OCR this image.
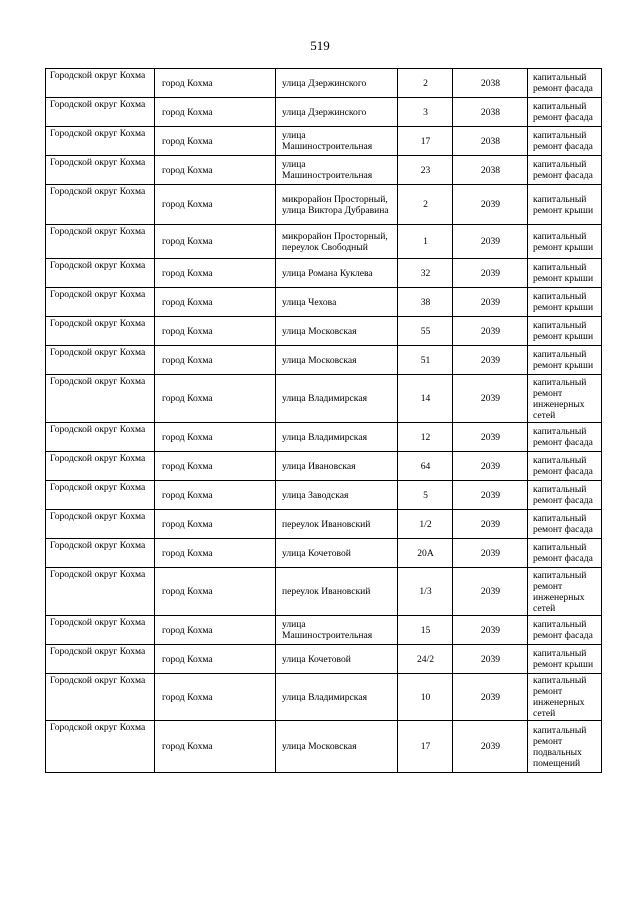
519
Городской округ Кохма	город Кохма	улица Дзержинского	2	2038	капитальный ремонт фасада
Городской округ Кохма	город Кохма	улица Дзержинского	3	2038	капитальный ремонт фасада
Городской округ Кохма	город Кохма	улица Машиностроительная	17	2038	капитальный ремонт фасада
Городской округ Кохма	город Кохма	улица Машиностроительная	23	2038	капитальный ремонт фасада
Городской округ Кохма	город Кохма	микрорайон Просторный, улица Виктора Дубравина	2	2039	капитальный ремонт крыши
Городской округ Кохма	город Кохма	микрорайон Просторный, переулок Свободный	1	2039	капитальный ремонт крыши
Городской округ Кохма	город Кохма	улица Романа Куклева	32	2039	капитальный ремонт крыши
Городской округ Кохма	город Кохма	улица Чехова	38	2039	капитальный ремонт крыши
Городской округ Кохма	город Кохма	улица Московская	55	2039	капитальный ремонт крыши
Городской округ Кохма	город Кохма	улица Московская	51	2039	капитальный ремонт крыши
Городской округ Кохма	город Кохма	улица Владимирская	14	2039	капитальный ремонт инженерных сетей
Городской округ Кохма	город Кохма	улица Владимирская	12	2039	капитальный ремонт фасада
Городской округ Кохма	город Кохма	улица Ивановская	64	2039	капитальный ремонт фасада
Городской округ Кохма	город Кохма	улица Заводская	5	2039	капитальный ремонт фасада
Городской округ Кохма	город Кохма	переулок Ивановский	1/2	2039	капитальный ремонт фасада
Городской округ Кохма	город Кохма	улица Кочетовой	20А	2039	капитальный ремонт фасада
Городской округ Кохма	город Кохма	переулок Ивановский	1/3	2039	капитальный ремонт инженерных сетей
Городской округ Кохма	город Кохма	улица Машиностроительная	15	2039	капитальный ремонт фасада
Городской округ Кохма	город Кохма	улица Кочетовой	24/2	2039	капитальный ремонт крыши
Городской округ Кохма	город Кохма	улица Владимирская	10	2039	капитальный ремонт инженерных сетей
Городской округ Кохма	город Кохма	улица Московская	17	2039	капитальный ремонт подвальных помещений
